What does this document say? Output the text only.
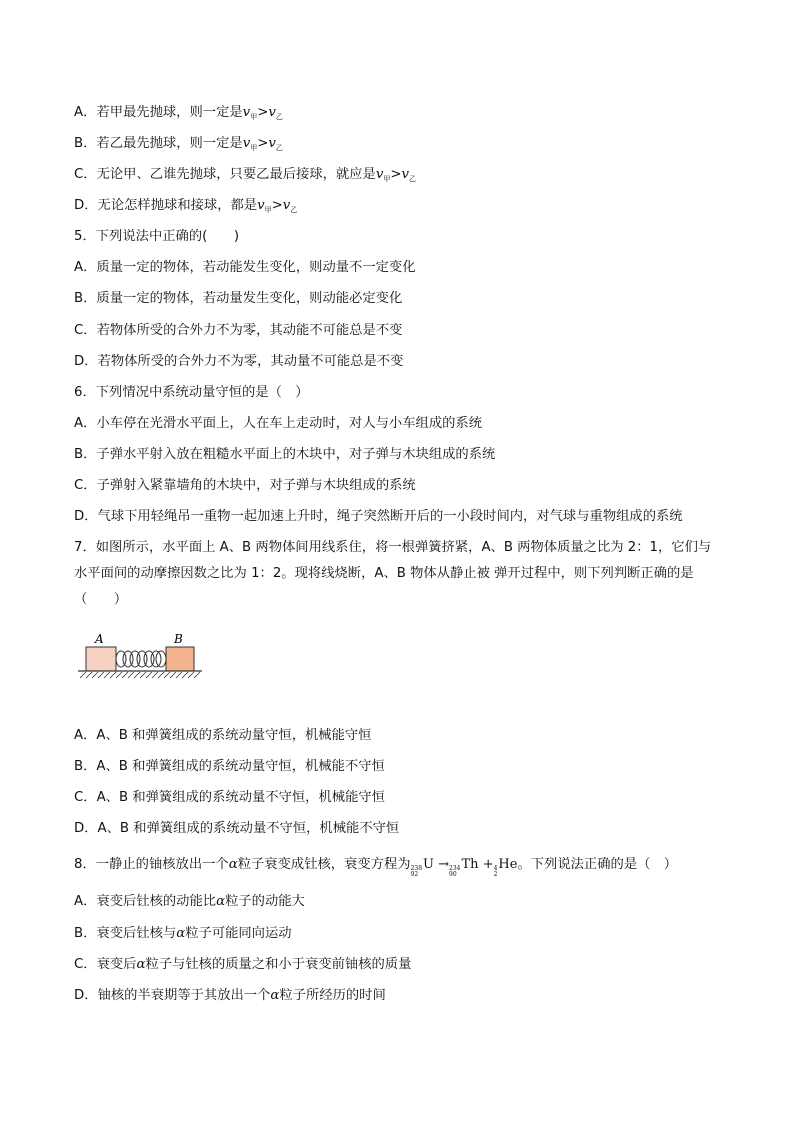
A．若甲最先抛球，则一定是$v_甲>v_乙$
B．若乙最先抛球，则一定是$v_甲>v_乙$
C．无论甲、乙谁先抛球，只要乙最后接球，就应是$v_甲>v_乙$
D．无论怎样抛球和接球，都是$v_甲>v_乙$
5．下列说法中正确的(　　)
A．质量一定的物体，若动能发生变化，则动量不一定变化
B．质量一定的物体，若动量发生变化，则动能必定变化
C．若物体所受的合外力不为零，其动能不可能总是不变
D．若物体所受的合外力不为零，其动量不可能总是不变
6．下列情况中系统动量守恒的是（　）
A．小车停在光滑水平面上，人在车上走动时，对人与小车组成的系统
B．子弹水平射入放在粗糙水平面上的木块中，对子弹与木块组成的系统
C．子弹射入紧靠墙角的木块中，对子弹与木块组成的系统
D．气球下用轻绳吊一重物一起加速上升时，绳子突然断开后的一小段时间内，对气球与重物组成的系统
7．如图所示，水平面上 A、B 两物体间用线系住，将一根弹簧挤紧，A、B 两物体质量之比为 2：1，它们与水平面间的动摩擦因数之比为 1：2。现将线烧断，A、B 物体从静止被 弹开过程中，则下列判断正确的是（　　）
A	B
A．A、B 和弹簧组成的系统动量守恒，机械能守恒
B．A、B 和弹簧组成的系统动量守恒，机械能不守恒
C．A、B 和弹簧组成的系统动量不守恒，机械能守恒
D．A、B 和弹簧组成的系统动量不守恒，机械能不守恒
8．一静止的铀核放出一个α粒子衰变成钍核，衰变方程为 238
92
U → 234
90
Th + 4
2
He。下列说法正确的是（　）
A．衰变后钍核的动能比α粒子的动能大
B．衰变后钍核与α粒子可能同向运动
C．衰变后α粒子与钍核的质量之和小于衰变前铀核的质量
D．铀核的半衰期等于其放出一个α粒子所经历的时间
